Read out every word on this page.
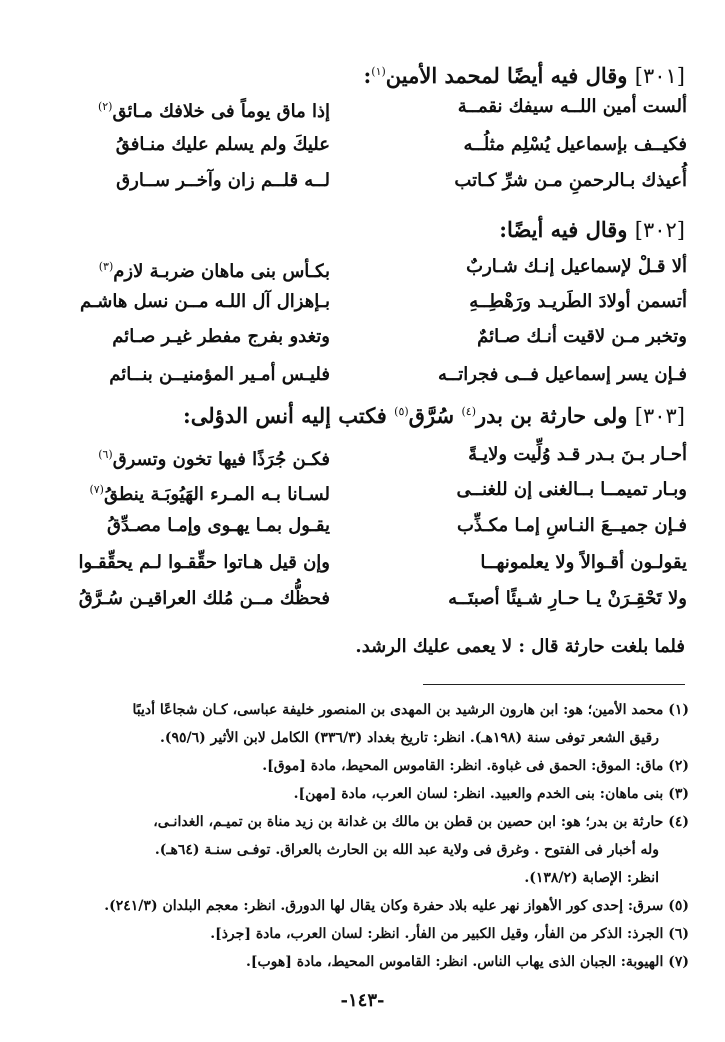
[٣٠١] وقال فيه أيضًا لمحمد الأمين$^{(١)}$:
ألست أمين اللــه سيفك نقمــة
إذا ماق يوماً فى خلافك مـائق$^{(٢)}$
فكيــف بإسماعيل يُسْلِم مثلُــه
عليكَ ولم يسلم عليك منـافقُ
أُعيذك بـالرحمنِ مـن شرِّ كـاتب
لــه قلــم زان وآخــر ســارق
[٣٠٢] وقال فيه أيضًا:
ألا قـلْ لإسماعيل إنـك شـاربٌ
بكـأس بنى ماهان ضربـة لازم$^{(٣)}$
أتسمن أولادَ الطَريـد ورَهْطِــهِ
بـإهزال آل اللـه مــن نسل هاشـم
وتخبر مـن لاقيت أنـك صـائمٌ
وتغدو بفرج مفطر غيـر صـائم
فـإن يسر إسماعيل فــى فجراتــه
فليـس أمـير المؤمنيــن بنــائم
[٣٠٣] ولى حارثة بن بدر$^{(٤)}$ سُرَّق$^{(٥)}$ فكتب إليه أنس الدؤلى:
أحـار بـنَ بـدر قـد وُلِّيت ولايـةً
فكـن جُرَذًا فيها تخون وتسرق$^{(٦)}$
وبـار تميمــا بــالغنى إن للغنــى
لسـانا بـه المـرء الهَيُوبَـة ينطقُ$^{(٧)}$
فـإن جميــعَ النـاسِ إمـا مكـذِّب
يقـول بمـا يهـوى وإمـا مصـدِّقُ
يقولـون أقـوالاً ولا يعلمونهــا
وإن قيل هـاتوا حقِّقـوا لـم يحقِّقـوا
ولا تَحْقِـرَنْ يـا حـارِ شـيئًا أصبتَــه
فحظُّك مــن مُلك العراقيـن سُـرَّقُ
فلما بلغت حارثة قال : لا يعمى عليك الرشد.
(١) محمد الأمين؛ هو: ابن هارون الرشيد بن المهدى بن المنصور خليفة عباسى، كـان شجاعًا أديبًا
رقيق الشعر توفى سنة (١٩٨هـ). انظر: تاريخ بغداد (٣٣٦/٣) الكامل لابن الأثير (٩٥/٦).
(٢) ماق: الموق: الحمق فى غباوة. انظر: القاموس المحيط، مادة [موق].
(٣) بنى ماهان: بنى الخدم والعبيد. انظر: لسان العرب، مادة [مهن].
(٤) حارثة بن بدر؛ هو: ابن حصين بن قطن بن مالك بن غدانة بن زيد مناة بن تميـم، الغدانـى،
وله أخبار فى الفتوح . وغرق فى ولاية عبد الله بن الحارث بالعراق. توفـى سنـة (٦٤هـ).
انظر: الإصابة (١٣٨/٢).
(٥) سرق: إحدى كور الأهواز نهر عليه بلاد حفرة وكان يقال لها الدورق. انظر: معجم البلدان (٢٤١/٣).
(٦) الجرذ: الذكر من الفأر، وقيل الكبير من الفأر. انظر: لسان العرب، مادة [جرذ].
(٧) الهيوبة: الجبان الذى يهاب الناس. انظر: القاموس المحيط، مادة [هوب].
-١٤٣-
